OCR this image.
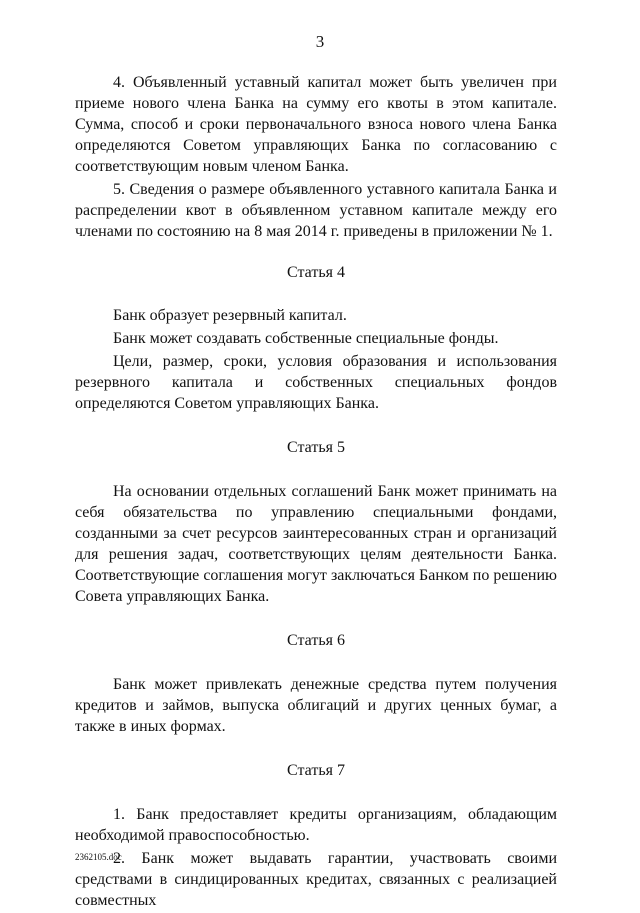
3

4. Объявленный уставный капитал может быть увеличен при приеме нового члена Банка на сумму его квоты в этом капитале. Сумма, способ и сроки первоначального взноса нового члена Банка определяются Советом управляющих Банка по согласованию с соответствующим новым членом Банка.

5. Сведения о размере объявленного уставного капитала Банка и распределении квот в объявленном уставном капитале между его членами по состоянию на 8 мая 2014 г. приведены в приложении № 1.

Статья 4

Банк образует резервный капитал.

Банк может создавать собственные специальные фонды.

Цели, размер, сроки, условия образования и использования резервного капитала и собственных специальных фондов определяются Советом управляющих Банка.

Статья 5

На основании отдельных соглашений Банк может принимать на себя обязательства по управлению специальными фондами, созданными за счет ресурсов заинтересованных стран и организаций для решения задач, соответствующих целям деятельности Банка. Соответствующие соглашения могут заключаться Банком по решению Совета управляющих Банка.

Статья 6

Банк может привлекать денежные средства путем получения кредитов и займов, выпуска облигаций и других ценных бумаг, а также в иных формах.

Статья 7

1. Банк предоставляет кредиты организациям, обладающим необходимой правоспособностью.

2. Банк может выдавать гарантии, участвовать своими средствами в синдицированных кредитах, связанных с реализацией совместных

2362105.doc
